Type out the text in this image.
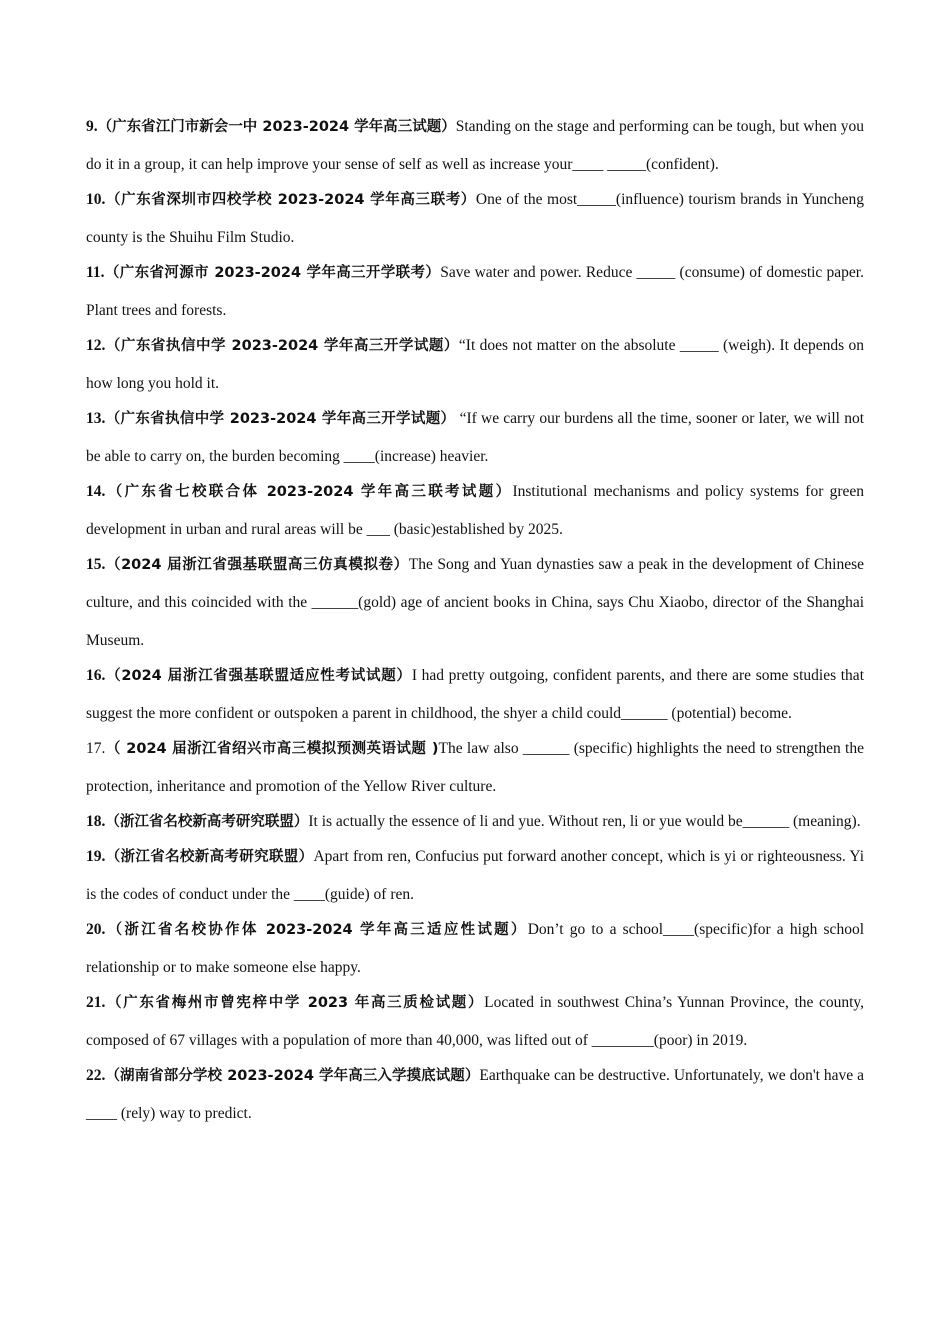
9.（广东省江门市新会一中 2023-2024 学年高三试题）Standing on the stage and performing can be tough, but when you do it in a group, it can help improve your sense of self as well as increase your____ _____(confident).

10.（广东省深圳市四校学校 2023-2024 学年高三联考）One of the most_____(influence) tourism brands in Yuncheng county is the Shuihu Film Studio.

11.（广东省河源市 2023-2024 学年高三开学联考）Save water and power. Reduce _____ (consume) of domestic paper. Plant trees and forests.

12.（广东省执信中学 2023-2024 学年高三开学试题）“It does not matter on the absolute _____ (weigh). It depends on how long you hold it.

13.（广东省执信中学 2023-2024 学年高三开学试题） “If we carry our burdens all the time, sooner or later, we will not be able to carry on, the burden becoming ____(increase) heavier.

14.（广东省七校联合体 2023-2024 学年高三联考试题）Institutional mechanisms and policy systems for green development in urban and rural areas will be ___ (basic)established by 2025.

15.（2024 届浙江省强基联盟高三仿真模拟卷）The Song and Yuan dynasties saw a peak in the development of Chinese culture, and this coincided with the ______(gold) age of ancient books in China, says Chu Xiaobo, director of the Shanghai Museum.

16.（2024 届浙江省强基联盟适应性考试试题）I had pretty outgoing, confident parents, and there are some studies that suggest the more confident or outspoken a parent in childhood, the shyer a child could______ (potential) become.

17.（ 2024 届浙江省绍兴市高三模拟预测英语试题 )The law also ______ (specific) highlights the need to strengthen the protection, inheritance and promotion of the Yellow River culture.

18.（浙江省名校新高考研究联盟）It is actually the essence of li and yue. Without ren, li or yue would be______ (meaning).

19.（浙江省名校新高考研究联盟）Apart from ren, Confucius put forward another concept, which is yi or righteousness. Yi is the codes of conduct under the ____(guide) of ren.

20.（浙江省名校协作体 2023-2024 学年高三适应性试题）Don’t go to a school____(specific)for a high school relationship or to make someone else happy.

21.（广东省梅州市曾宪梓中学 2023 年高三质检试题）Located in southwest China’s Yunnan Province, the county, composed of 67 villages with a population of more than 40,000, was lifted out of ________(poor) in 2019.

22.（湖南省部分学校 2023-2024 学年高三入学摸底试题）Earthquake can be destructive. Unfortunately, we don't have a ____ (rely) way to predict.
